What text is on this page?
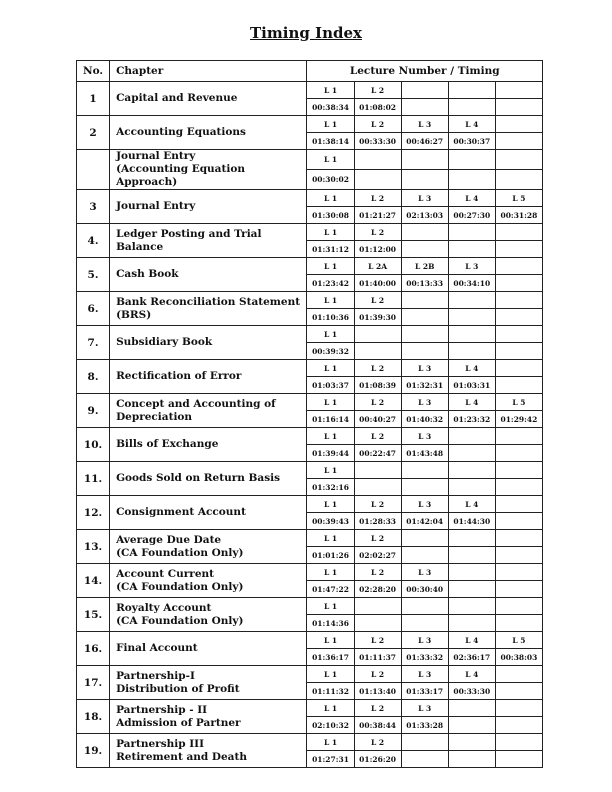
Timing Index
No.	Chapter	Lecture Number / Timing				
1	Capital and Revenue	L 1	L 2			
		00:38:34	01:08:02			
2	Accounting Equations	L 1	L 2	L 3	L 4	
		01:38:14	00:33:30	00:46:27	00:30:37	

	Journal Entry
(Accounting Equation Approach)	L 1				
		00:30:02				
3	Journal Entry	L 1	L 2	L 3	L 4	L 5
		01:30:08	01:21:27	02:13:03	00:27:30	00:31:28
4.	Ledger Posting and Trial Balance	L 1	L 2			
		01:31:12	01:12:00			
5.	Cash Book	L 1	L 2A	L 2B	L 3	
		01:23:42	01:40:00	00:13:33	00:34:10	
6.	Bank Reconciliation Statement
(BRS)	L 1	L 2			
		01:10:36	01:39:30			
7.	Subsidiary Book	L 1				
		00:39:32				
8.	Rectification of Error	L 1	L 2	L 3	L 4	
		01:03:37	01:08:39	01:32:31	01:03:31	
9.	Concept and Accounting of
Depreciation	L 1	L 2	L 3	L 4	L 5
		01:16:14	00:40:27	01:40:32	01:23:32	01:29:42
10.	Bills of Exchange	L 1	L 2	L 3		
		01:39:44	00:22:47	01:43:48		
11.	Goods Sold on Return Basis	L 1				
		01:32:16				
12.	Consignment Account	L 1	L 2	L 3	L 4	
		00:39:43	01:28:33	01:42:04	01:44:30	
13.	Average Due Date
(CA Foundation Only)	L 1	L 2			
		01:01:26	02:02:27			
14.	Account Current
(CA Foundation Only)	L 1	L 2	L 3		
		01:47:22	02:28:20	00:30:40		
15.	Royalty Account
(CA Foundation Only)	L 1				
		01:14:36				
16.	Final Account	L 1	L 2	L 3	L 4	L 5
		01:36:17	01:11:37	01:33:32	02:36:17	00:38:03
17.	Partnership-I
Distribution of Profit	L 1	L 2	L 3	L 4	
		01:11:32	01:13:40	01:33:17	00:33:30	
18.	Partnership - II
Admission of Partner	L 1	L 2	L 3		
		02:10:32	00:38:44	01:33:28		
19.	Partnership III
Retirement and Death	L 1	L 2			
		01:27:31	01:26:20			
